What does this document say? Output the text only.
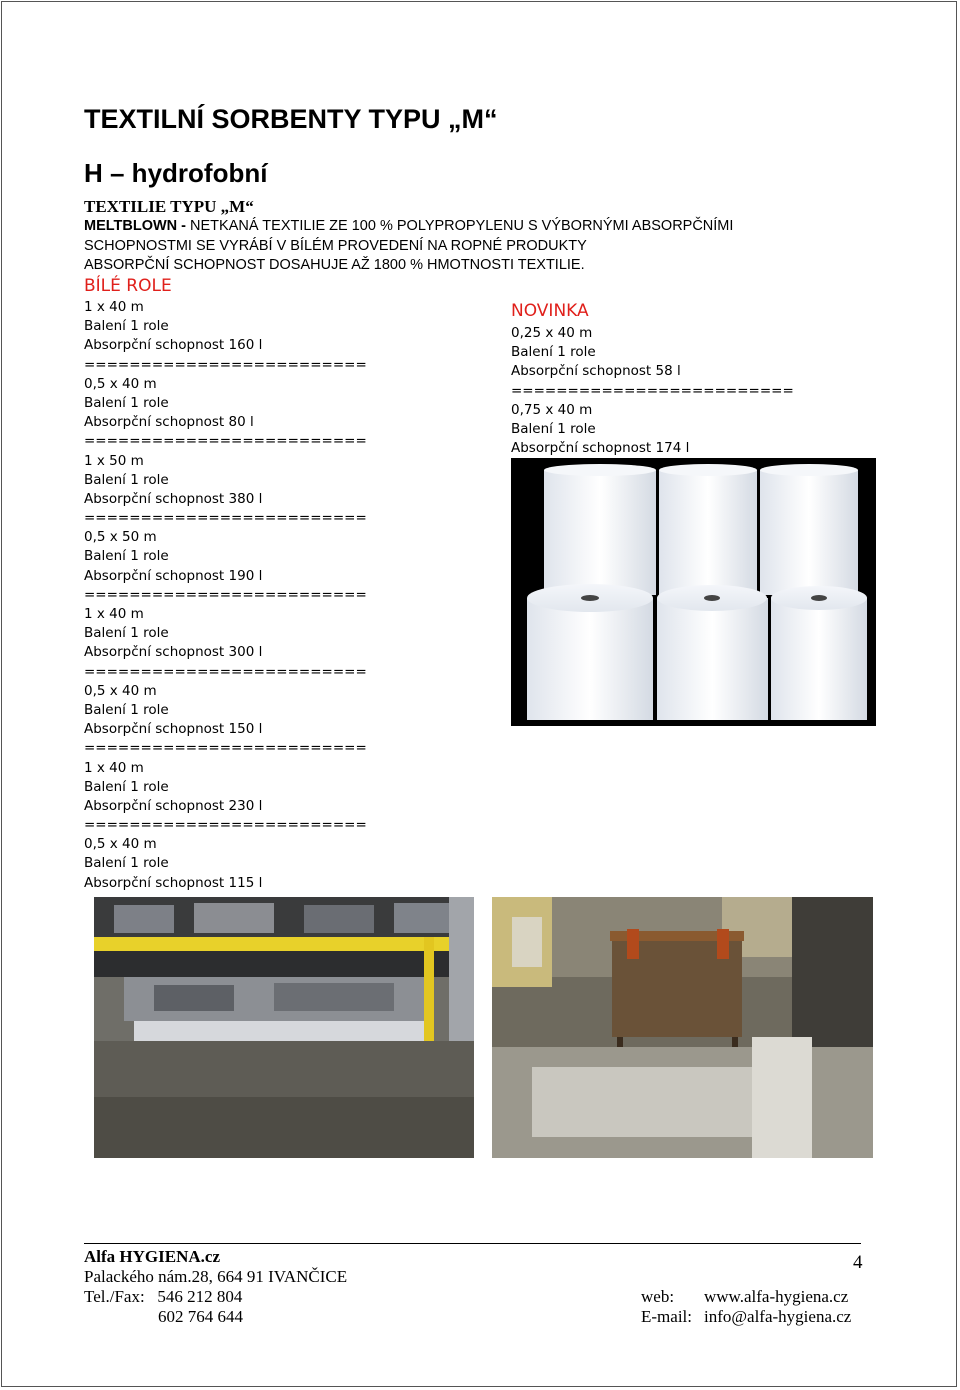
TEXTILNÍ SORBENTY TYPU „M“
H – hydrofobní
TEXTILIE TYPU „M“
MELTBLOWN - NETKANÁ TEXTILIE ZE 100 % POLYPROPYLENU S VÝBORNÝMI ABSORPČNÍMI
SCHOPNOSTMI SE VYRÁBÍ V BÍLÉM PROVEDENÍ NA ROPNÉ PRODUKTY
ABSORPČNÍ SCHOPNOST DOSAHUJE AŽ 1800 % HMOTNOSTI TEXTILIE.
BÍLÉ ROLE
1 x 40 m
Balení 1 role
Absorpční schopnost 160 l
=========================
0,5 x 40 m
Balení 1 role
Absorpční schopnost 80 l
=========================
1 x 50 m
Balení 1 role
Absorpční schopnost 380 l
=========================
0,5 x 50 m
Balení 1 role
Absorpční schopnost 190 l
=========================
1 x 40 m
Balení 1 role
Absorpční schopnost 300 l
=========================
0,5 x 40 m
Balení 1 role
Absorpční schopnost 150 l
=========================
1 x 40 m
Balení 1 role
Absorpční schopnost 230 l
=========================
0,5 x 40 m
Balení 1 role
Absorpční schopnost 115 l
NOVINKA
0,25 x 40 m
Balení 1 role
Absorpční schopnost 58 l
=========================
0,75 x 40 m
Balení 1 role
Absorpční schopnost 174 l
Alfa HYGIENA.cz
Palackého nám.28, 664 91 IVANČICE
Tel./Fax: 546 212 804
602 764 644
4
web: www.alfa-hygiena.cz
E-mail: info@alfa-hygiena.cz
